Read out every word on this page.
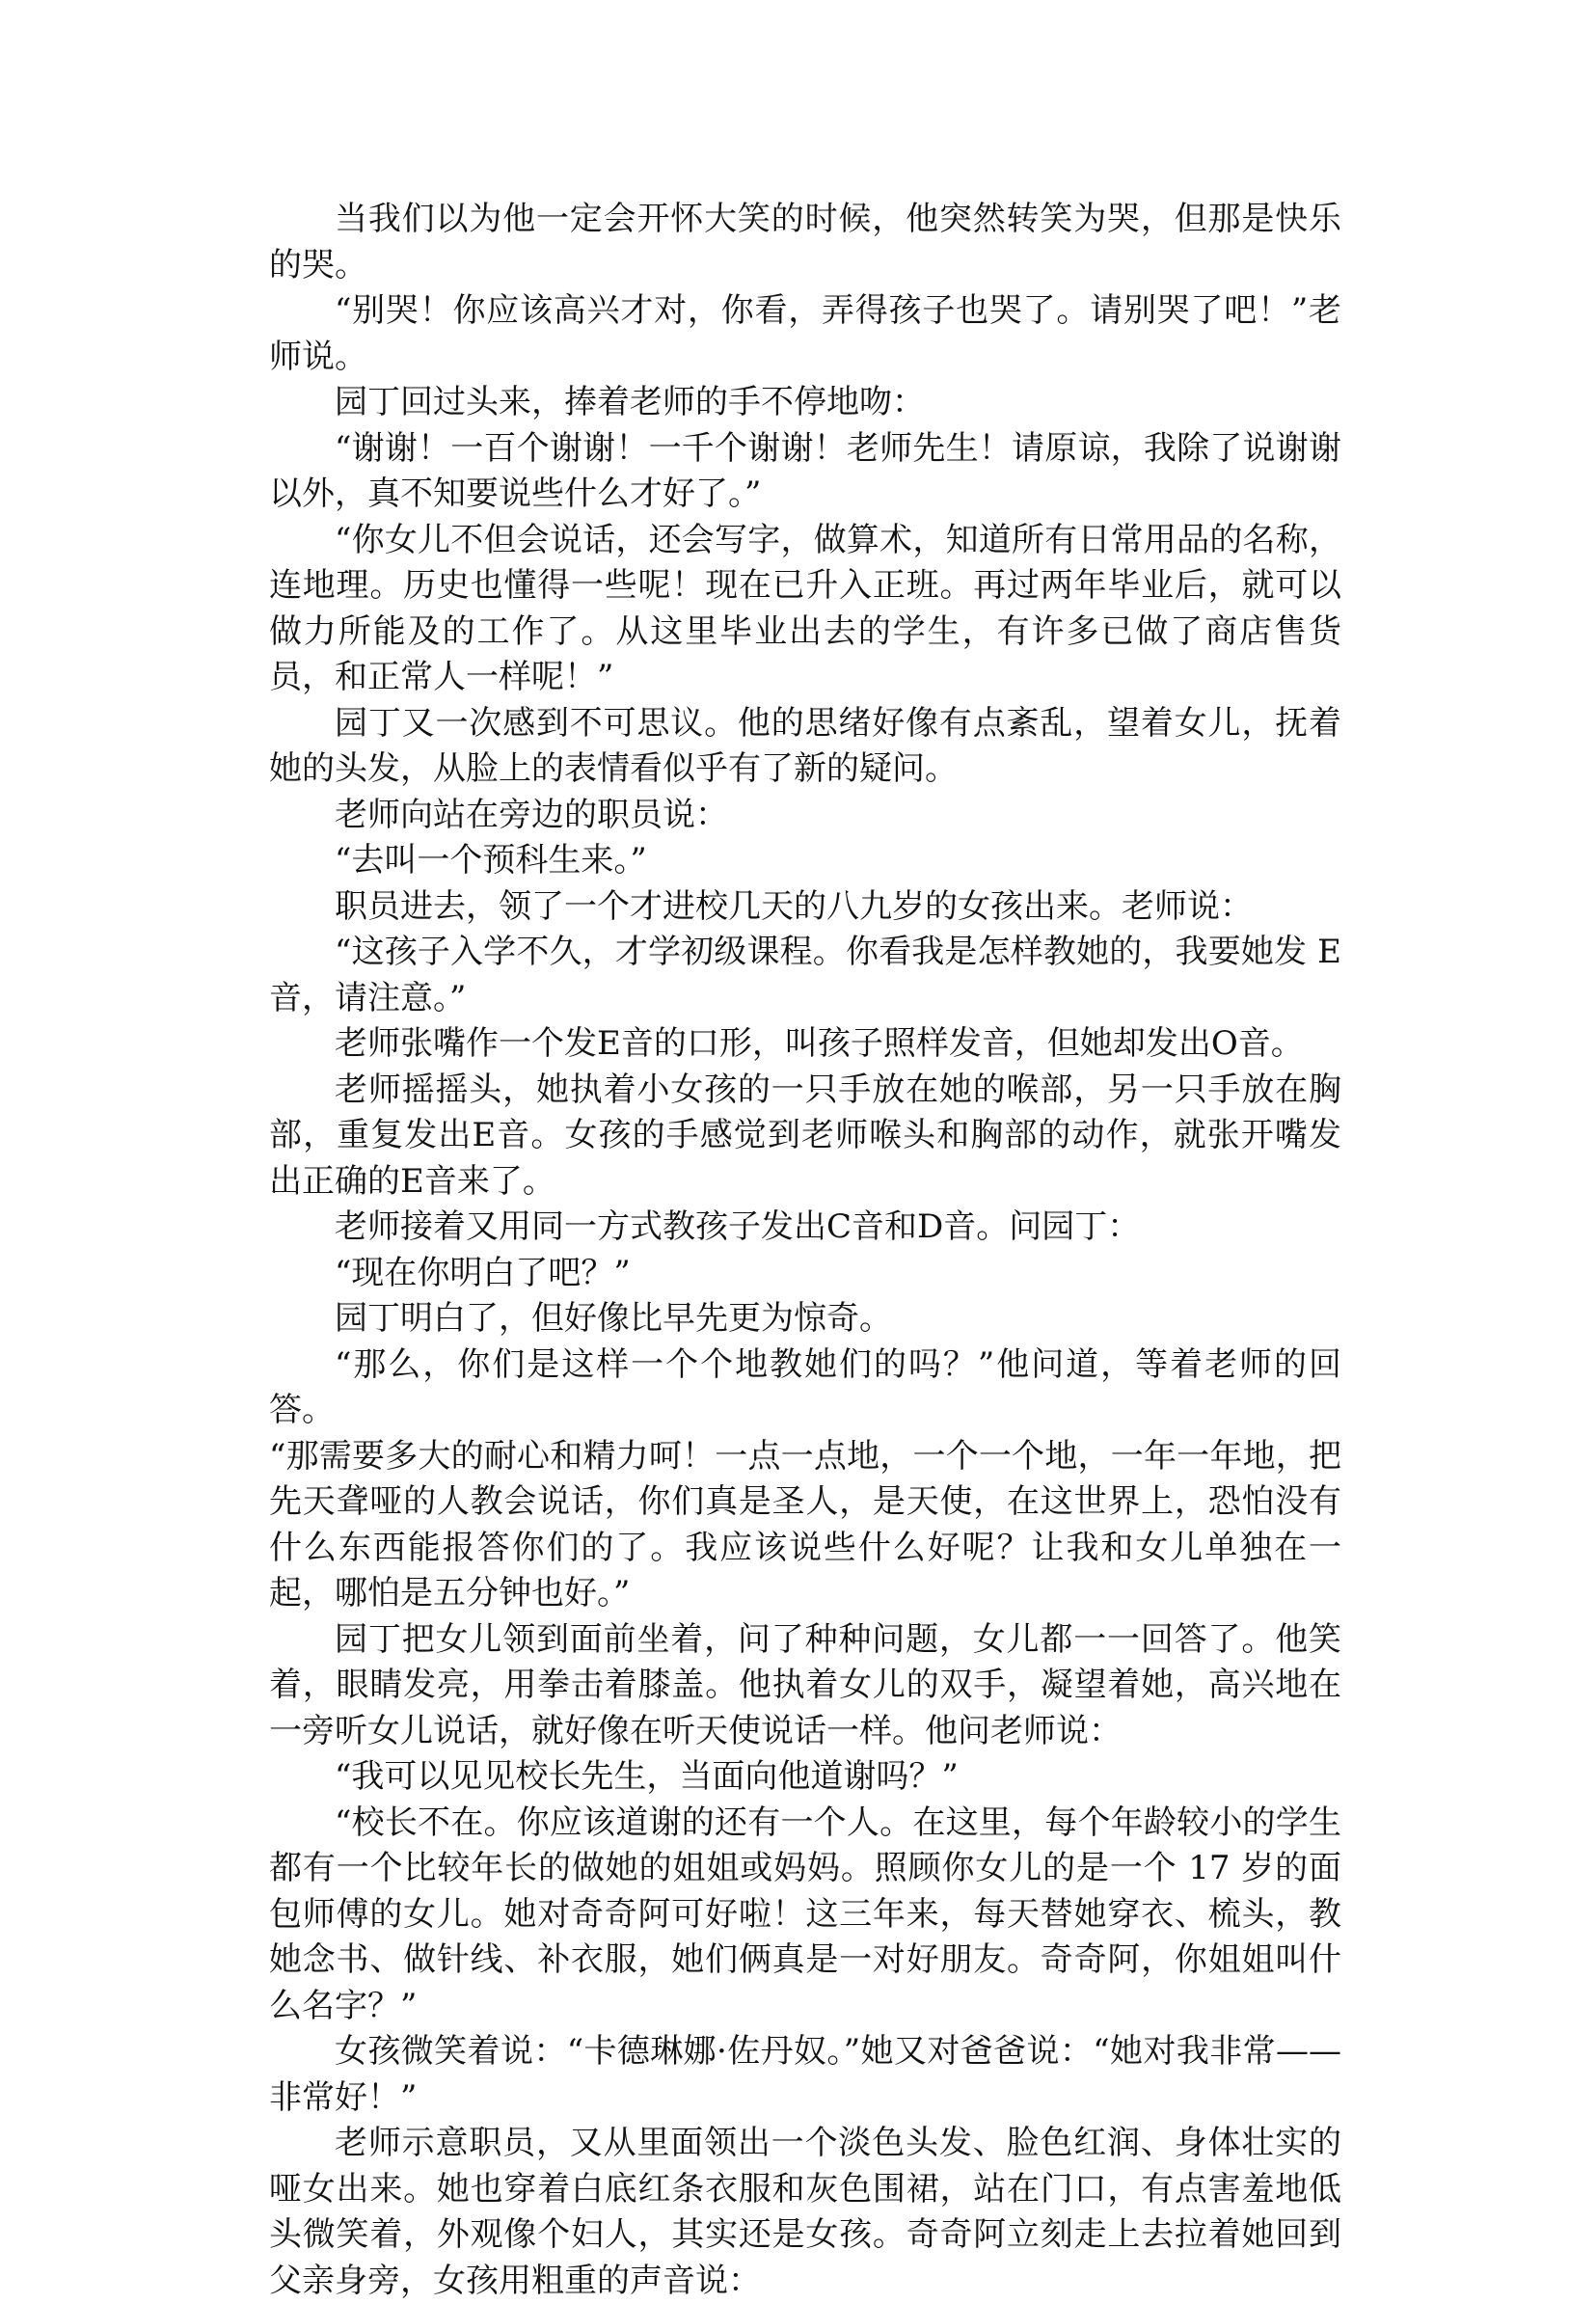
当我们以为他一定会开怀大笑的时候，他突然转笑为哭，但那是快乐的哭。

“别哭！你应该高兴才对，你看，弄得孩子也哭了。请别哭了吧！”老师说。

园丁回过头来，捧着老师的手不停地吻：

“谢谢！一百个谢谢！一千个谢谢！老师先生！请原谅，我除了说谢谢以外，真不知要说些什么才好了。”

“你女儿不但会说话，还会写字，做算术，知道所有日常用品的名称，连地理。历史也懂得一些呢！现在已升入正班。再过两年毕业后，就可以做力所能及的工作了。从这里毕业出去的学生，有许多已做了商店售货员，和正常人一样呢！”

园丁又一次感到不可思议。他的思绪好像有点紊乱，望着女儿，抚着她的头发，从脸上的表情看似乎有了新的疑问。

老师向站在旁边的职员说：

“去叫一个预科生来。”

职员进去，领了一个才进校几天的八九岁的女孩出来。老师说：

“这孩子入学不久，才学初级课程。你看我是怎样教她的，我要她发 E 音，请注意。”

老师张嘴作一个发E音的口形，叫孩子照样发音，但她却发出O音。

老师摇摇头，她执着小女孩的一只手放在她的喉部，另一只手放在胸部，重复发出E音。女孩的手感觉到老师喉头和胸部的动作，就张开嘴发出正确的E音来了。

老师接着又用同一方式教孩子发出C音和D音。问园丁：

“现在你明白了吧？”

园丁明白了，但好像比早先更为惊奇。

“那么，你们是这样一个个地教她们的吗？”他问道，等着老师的回答。

“那需要多大的耐心和精力呵！一点一点地，一个一个地，一年一年地，把先天聋哑的人教会说话，你们真是圣人，是天使，在这世界上，恐怕没有什么东西能报答你们的了。我应该说些什么好呢？让我和女儿单独在一起，哪怕是五分钟也好。”

园丁把女儿领到面前坐着，问了种种问题，女儿都一一回答了。他笑着，眼睛发亮，用拳击着膝盖。他执着女儿的双手，凝望着她，高兴地在一旁听女儿说话，就好像在听天使说话一样。他问老师说：

“我可以见见校长先生，当面向他道谢吗？”

“校长不在。你应该道谢的还有一个人。在这里，每个年龄较小的学生都有一个比较年长的做她的姐姐或妈妈。照顾你女儿的是一个 17 岁的面包师傅的女儿。她对奇奇阿可好啦！这三年来，每天替她穿衣、梳头，教她念书、做针线、补衣服，她们俩真是一对好朋友。奇奇阿，你姐姐叫什么名字？”

女孩微笑着说：“卡德琳娜·佐丹奴。”她又对爸爸说：“她对我非常——非常好！”

老师示意职员，又从里面领出一个淡色头发、脸色红润、身体壮实的哑女出来。她也穿着白底红条衣服和灰色围裙，站在门口，有点害羞地低头微笑着，外观像个妇人，其实还是女孩。奇奇阿立刻走上去拉着她回到父亲身旁，女孩用粗重的声音说：
